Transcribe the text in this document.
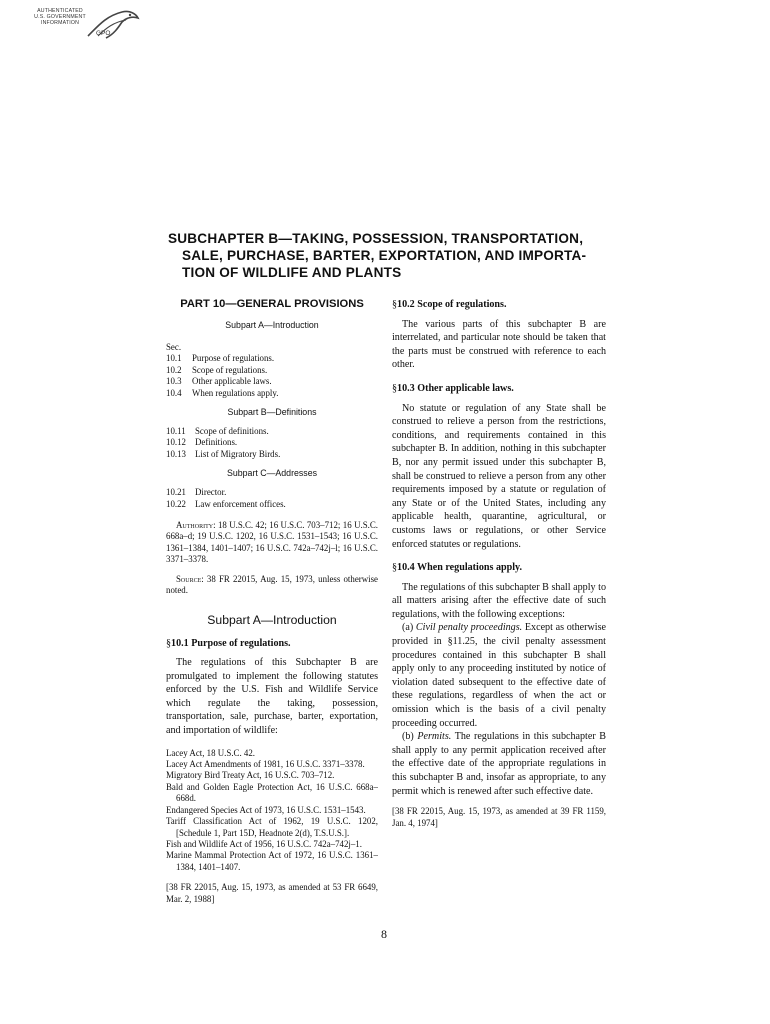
AUTHENTICATED
U.S. GOVERNMENT
INFORMATION
GPO
SUBCHAPTER B—TAKING, POSSESSION, TRANSPORTATION,
SALE, PURCHASE, BARTER, EXPORTATION, AND IMPORTA-
TION OF WILDLIFE AND PLANTS
PART 10—GENERAL PROVISIONS
Subpart A—Introduction
Sec.
10.1	Purpose of regulations.
10.2	Scope of regulations.
10.3	Other applicable laws.
10.4	When regulations apply.
Subpart B—Definitions
10.11	Scope of definitions.
10.12	Definitions.
10.13	List of Migratory Birds.
Subpart C—Addresses
10.21	Director.
10.22	Law enforcement offices.

Authority: 18 U.S.C. 42; 16 U.S.C. 703–712; 16 U.S.C. 668a–d; 19 U.S.C. 1202, 16 U.S.C. 1531–1543; 16 U.S.C. 1361–1384, 1401–1407; 16 U.S.C. 742a–742j–l; 16 U.S.C. 3371–3378.

Source: 38 FR 22015, Aug. 15, 1973, unless otherwise noted.

Subpart A—Introduction

§10.1 Purpose of regulations.

The regulations of this Subchapter B are promulgated to implement the following statutes enforced by the U.S. Fish and Wildlife Service which regulate the taking, possession, transportation, sale, purchase, barter, exportation, and importation of wildlife:

Lacey Act, 18 U.S.C. 42.

Lacey Act Amendments of 1981, 16 U.S.C. 3371–3378.

Migratory Bird Treaty Act, 16 U.S.C. 703–712.

Bald and Golden Eagle Protection Act, 16 U.S.C. 668a–668d.

Endangered Species Act of 1973, 16 U.S.C. 1531–1543.

Tariff Classification Act of 1962, 19 U.S.C. 1202, [Schedule 1, Part 15D, Headnote 2(d), T.S.U.S.].

Fish and Wildlife Act of 1956, 16 U.S.C. 742a–742j–1.

Marine Mammal Protection Act of 1972, 16 U.S.C. 1361–1384, 1401–1407.

[38 FR 22015, Aug. 15, 1973, as amended at 53 FR 6649, Mar. 2, 1988]

§10.2 Scope of regulations.

The various parts of this subchapter B are interrelated, and particular note should be taken that the parts must be construed with reference to each other.

§10.3 Other applicable laws.

No statute or regulation of any State shall be construed to relieve a person from the restrictions, conditions, and requirements contained in this subchapter B. In addition, nothing in this subchapter B, nor any permit issued under this subchapter B, shall be construed to relieve a person from any other requirements imposed by a statute or regulation of any State or of the United States, including any applicable health, quarantine, agricultural, or customs laws or regulations, or other Service enforced statutes or regulations.

§10.4 When regulations apply.

The regulations of this subchapter B shall apply to all matters arising after the effective date of such regulations, with the following exceptions:

(a) Civil penalty proceedings. Except as otherwise provided in §11.25, the civil penalty assessment procedures contained in this subchapter B shall apply only to any proceeding instituted by notice of violation dated subsequent to the effective date of these regulations, regardless of when the act or omission which is the basis of a civil penalty proceeding occurred.

(b) Permits. The regulations in this subchapter B shall apply to any permit application received after the effective date of the appropriate regulations in this subchapter B and, insofar as appropriate, to any permit which is renewed after such effective date.

[38 FR 22015, Aug. 15, 1973, as amended at 39 FR 1159, Jan. 4, 1974]

8
